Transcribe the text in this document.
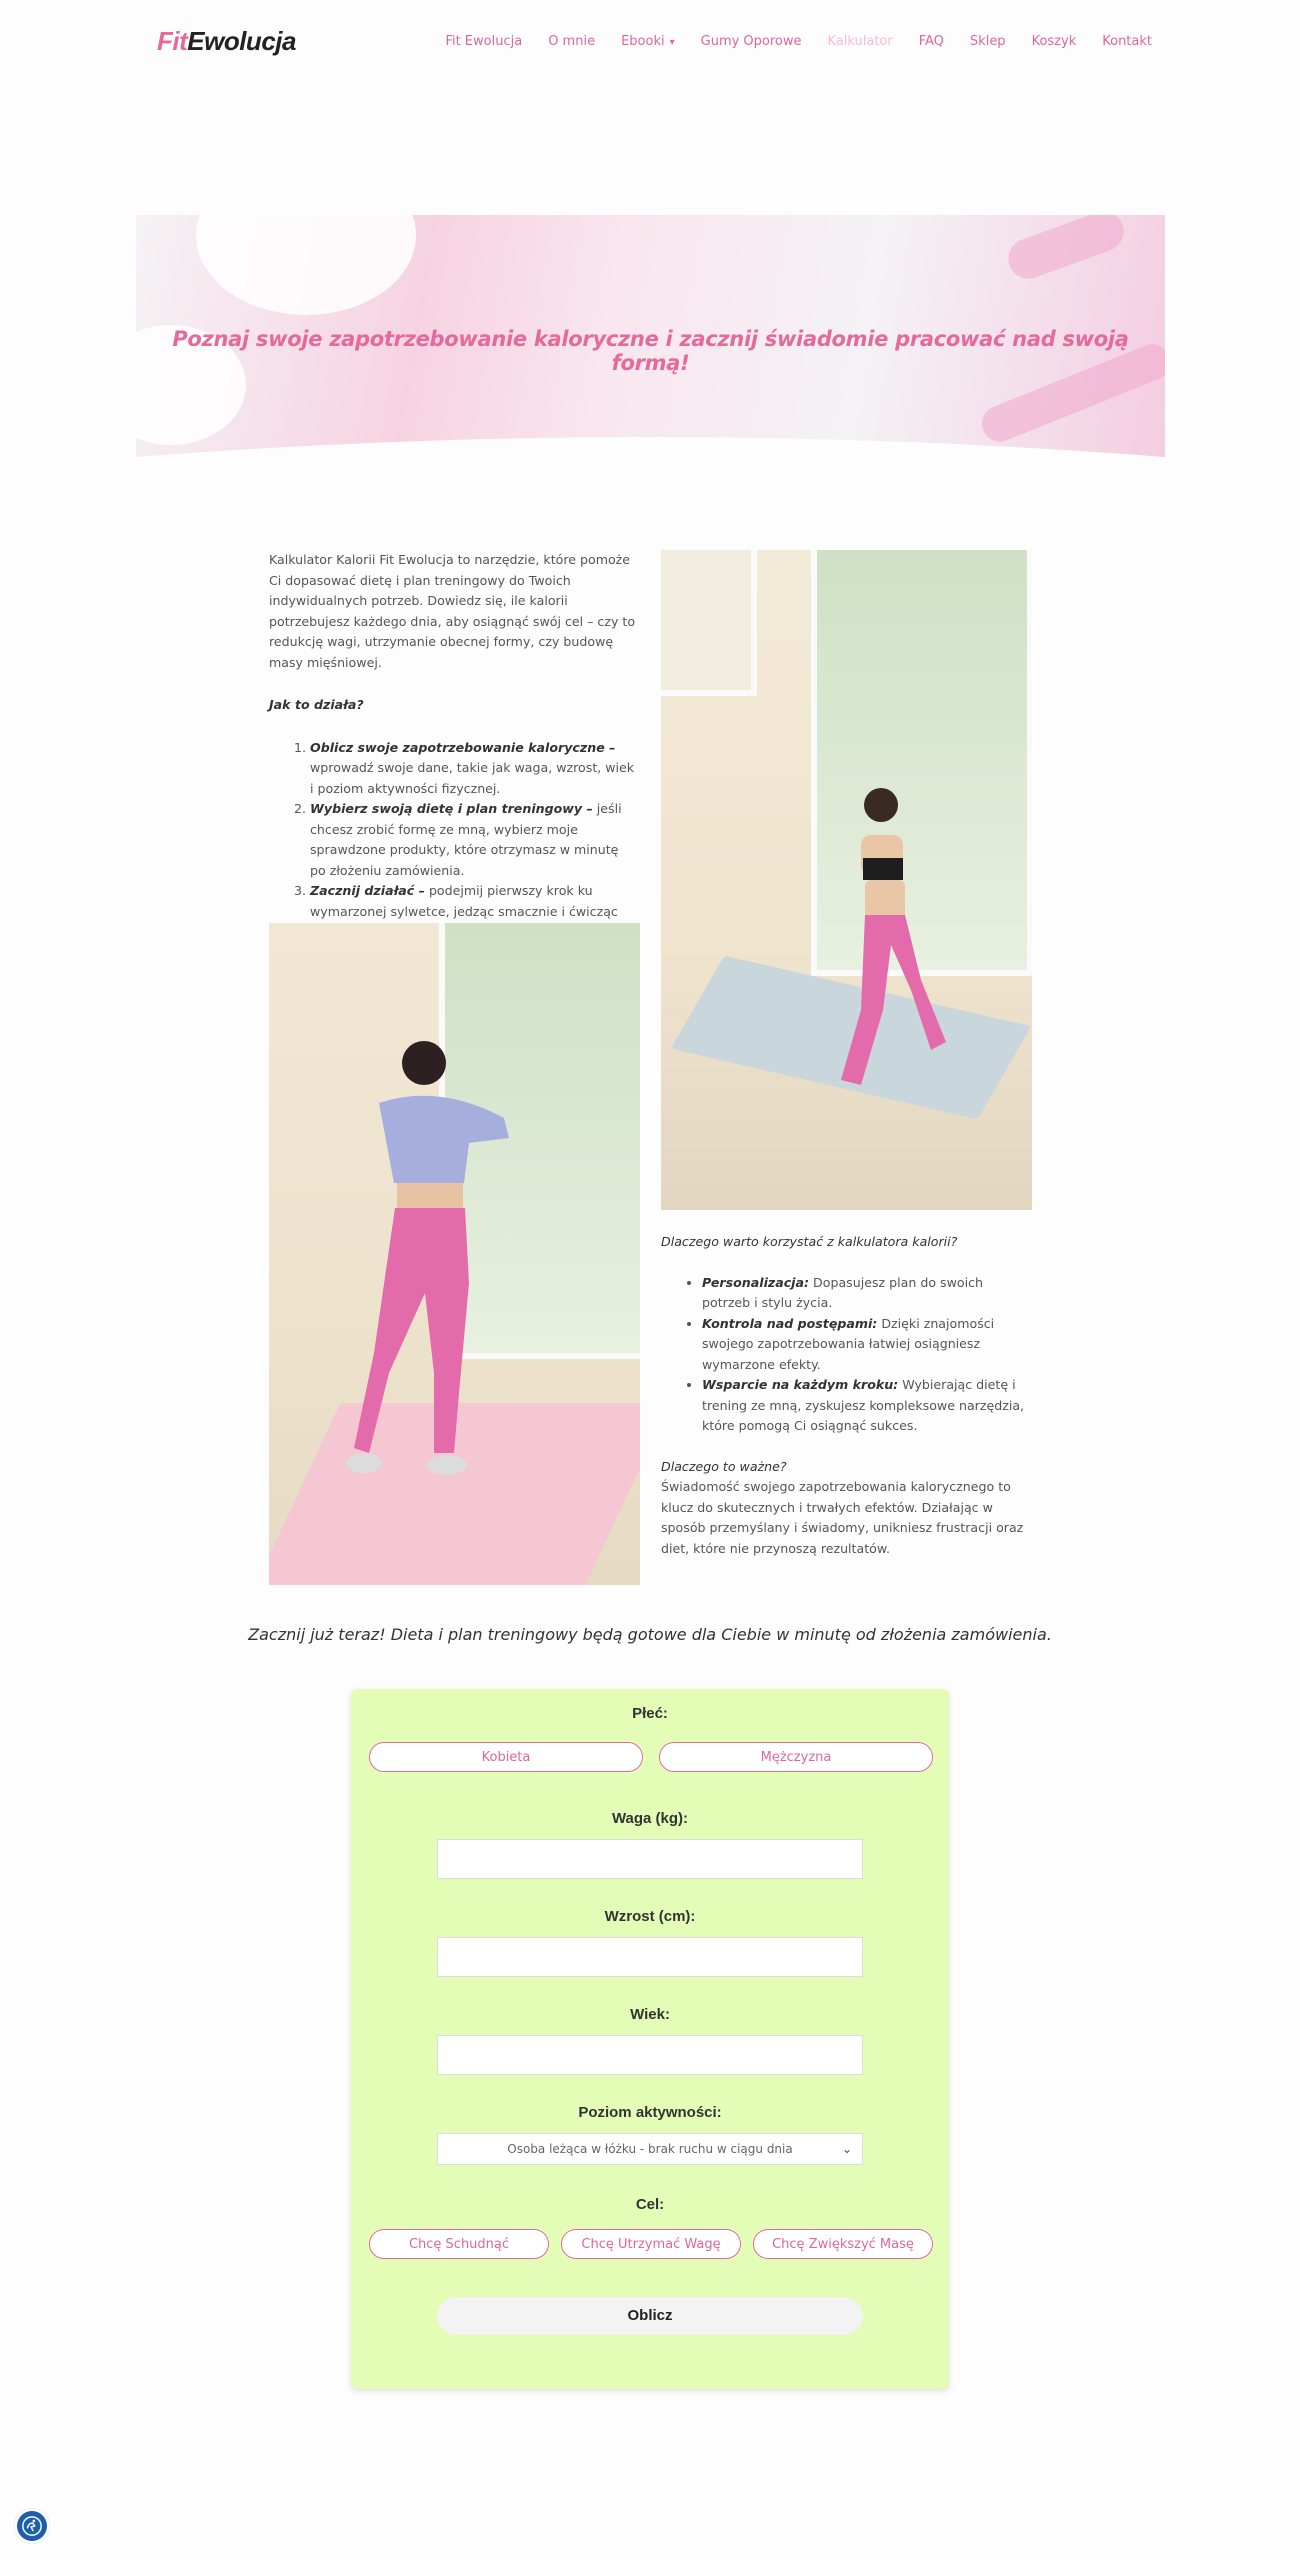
FitEwolucja	Fit Ewolucja O mnie Ebooki ▾ Gumy Oporowe Kalkulator FAQ Sklep Koszyk Kontakt
Poznaj swoje zapotrzebowanie kaloryczne i zacznij świadomie pracować nad swoją formą!

Kalkulator Kalorii Fit Ewolucja to narzędzie, które pomoże Ci dopasować dietę i plan treningowy do Twoich indywidualnych potrzeb. Dowiedz się, ile kalorii potrzebujesz każdego dnia, aby osiągnąć swój cel – czy to redukcję wagi, utrzymanie obecnej formy, czy budowę masy mięśniowej.

Jak to działa?

1. Oblicz swoje zapotrzebowanie kaloryczne – wprowadź swoje dane, takie jak waga, wzrost, wiek i poziom aktywności fizycznej.
2. Wybierz swoją dietę i plan treningowy – jeśli chcesz zrobić formę ze mną, wybierz moje sprawdzone produkty, które otrzymasz w minutę po złożeniu zamówienia.
3. Zacznij działać – podejmij pierwszy krok ku wymarzonej sylwetce, jedząc smacznie i ćwicząc

Dlaczego warto korzystać z kalkulatora kalorii?

• Personalizacja: Dopasujesz plan do swoich potrzeb i stylu życia.
• Kontrola nad postępami: Dzięki znajomości swojego zapotrzebowania łatwiej osiągniesz wymarzone efekty.
• Wsparcie na każdym kroku: Wybierając dietę i trening ze mną, zyskujesz kompleksowe narzędzia, które pomogą Ci osiągnąć sukces.

Dlaczego to ważne?

Świadomość swojego zapotrzebowania kalorycznego to klucz do skutecznych i trwałych efektów. Działając w sposób przemyślany i świadomy, unikniesz frustracji oraz diet, które nie przynoszą rezultatów.

Zacznij już teraz! Dieta i plan treningowy będą gotowe dla Ciebie w minutę od złożenia zamówienia.
Płeć:
Kobieta	Mężczyzna
Waga (kg):
Wzrost (cm):
Wiek:
Poziom aktywności:
Osoba leżąca w łóżku - brak ruchu w ciągu dnia	⌄
Cel:
Chcę Schudnąć	Chcę Utrzymać Wagę	Chcę Zwiększyć Masę
Oblicz
